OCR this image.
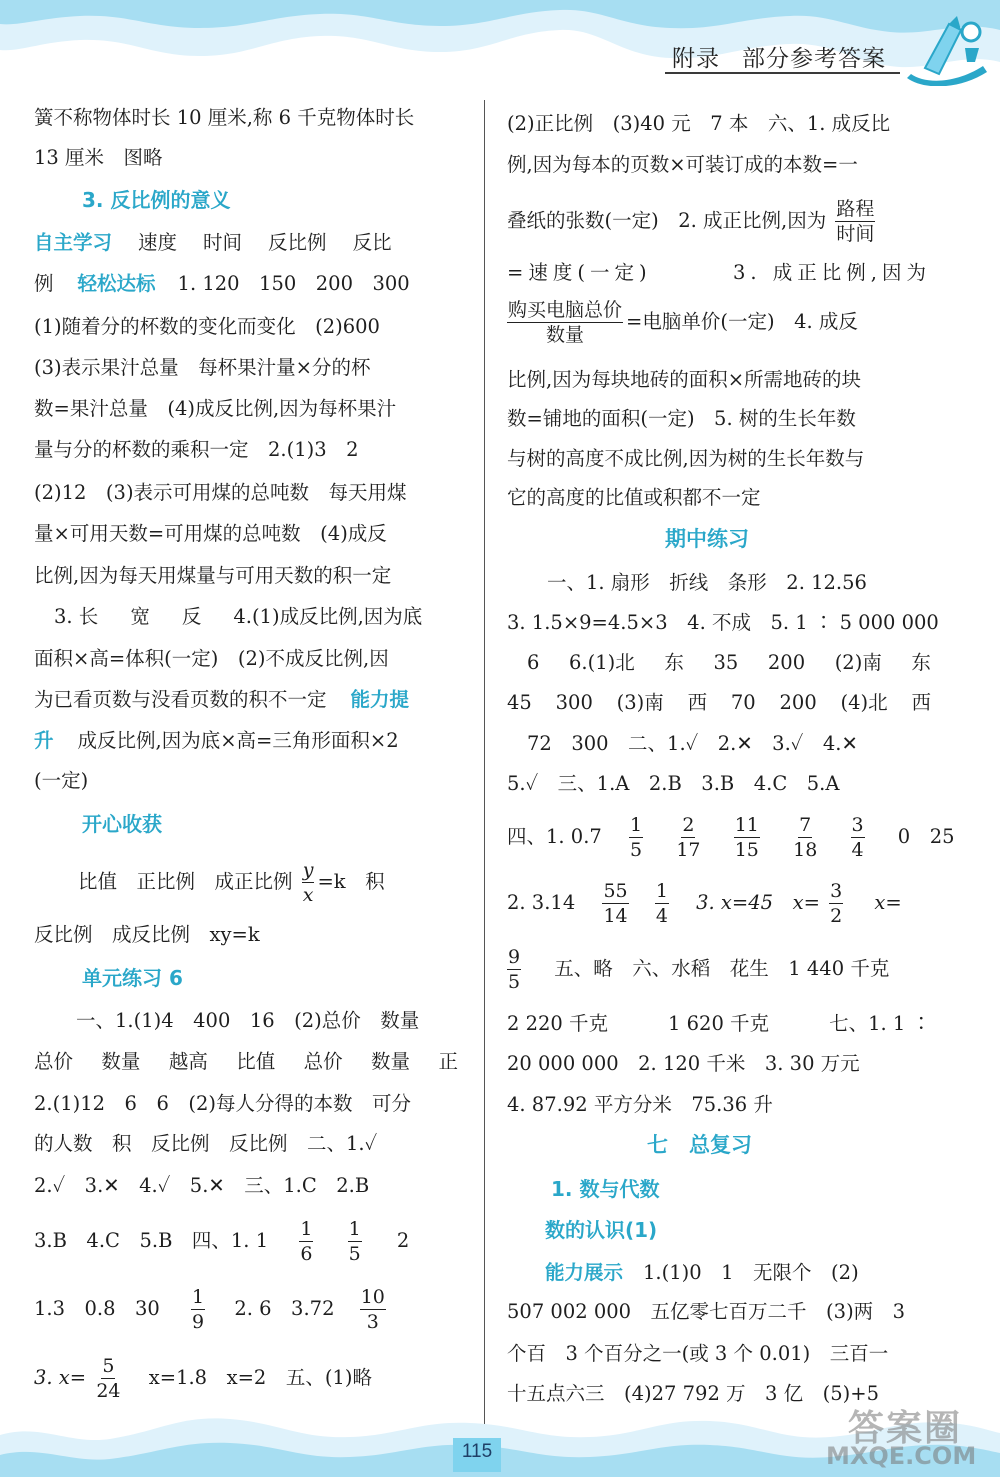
附录 部分参考答案
簧不称物体时长 10 厘米,称 6 千克物体时长
13 厘米　图略
3. 反比例的意义
自主学习 速度 时间 反比例 反比
例 轻松达标 1. 120　150　200　300
(1)随着分的杯数的变化而变化　(2)600
(3)表示果汁总量　每杯果汁量×分的杯
数=果汁总量　(4)成反比例,因为每杯果汁
量与分的杯数的乘积一定　2.(1)3　2
(2)12　(3)表示可用煤的总吨数　每天用煤
量×可用天数=可用煤的总吨数　(4)成反
比例,因为每天用煤量与可用天数的积一定
3. 长 宽 反 4.(1)成反比例,因为底
面积×高=体积(一定)　(2)不成反比例,因
为已看页数与没看页数的积不一定 能力提
升 成反比例,因为底×高=三角形面积×2
(一定)
开心收获
比值　正比例　成正比例 $\frac{y}{x} =k$　积
反比例　成反比例　xy=k
单元练习 6
一、1.(1)4　400　16　(2)总价　数量
总价 数量 越高 比值 总价 数量 正
2.(1)12　6　6　(2)每人分得的本数　可分
的人数　积　反比例　反比例　二、1.✓
2.✓　3.✕　4.✓　5.✕　三、1.C　2.B
3.B　4.C　5.B　四、1. $1 \frac{1}{6}$
$\frac{1}{5} 2$
1.3　0.8　$30 \frac{1}{9} 2$. 6　$3.72 \frac{10}{3}$
3. $x= \frac{5}{24} x=1.8$　x=2　五、(1)略
(2)正比例　(3)40 元　7 本　六、1. 成反比
例,因为每本的页数×可装订成的本数=一
叠纸的张数(一定)　2. 成正比例,因为 $\frac{\text{路程}}{\text{时间}}$
=速度(一定)	3. 成正比例,因为
$\frac{\text{购买电脑总价}}{\text{数量}}$ =电脑单价(一定)　4. 成反
比例,因为每块地砖的面积×所需地砖的块
数=铺地的面积(一定)　5. 树的生长年数
与树的高度不成比例,因为树的生长年数与
它的高度的比值或积都不一定
期中练习
一、1. 扇形　折线　条形　2. 12.56
3. 1.5×9=4.5×3　4. 不成　5. 1 ∶ 5 000 000
6 6.(1)北 东 35 200 (2)南 东
45 300 (3)南 西 70 200 (4)北 西
72　300　二、1.✓　2.✕　3.✓　4.✕
5.✓　三、1.A　2.B　3.B　4.C　5.A
四、1. $0.7 \frac{1}{5}$
$\frac{2}{17}$
$\frac{11}{15}$
$\frac{7}{18}$
$\frac{3}{4} 0$　25
2. $3.14 \frac{55}{14}$
$\frac{1}{4} 3$. x=45　$x= \frac{3}{2} x=$
$\frac{9}{5}$ 五、略　六、水稻　花生　1 440 千克
2 220 千克	1 620 千克	七、1. 1 ∶
20 000 000　2. 120 千米　3. 30 万元
4. 87.92 平方分米　75.36 升
七　总复习
1. 数与代数
数的认识(1)
能力展示 1.(1)0　1　无限个　(2)
507 002 000　五亿零七百万二千　(3)两　3
个百　3 个百分之一(或 3 个 0.01)　三百一
十五点六三　(4)27 792 万　3 亿　(5)+5
115
答案圈
MXQE.COM
